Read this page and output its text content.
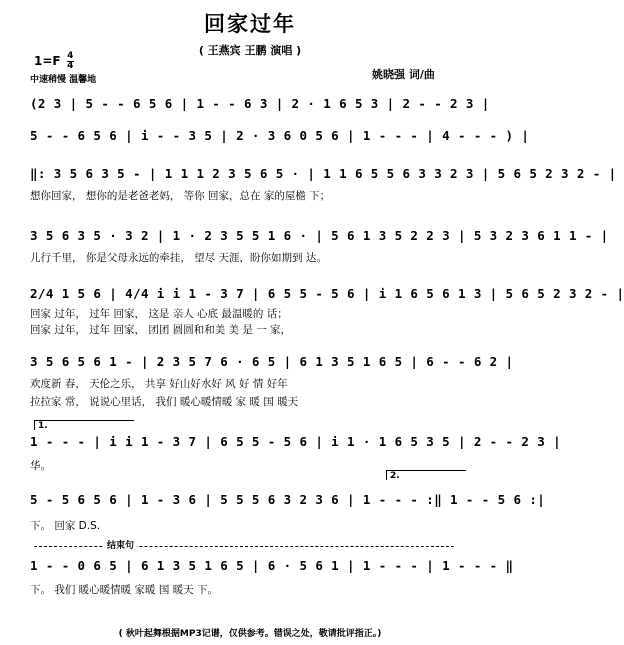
回家过年
( 王燕宾 王鹏 演唱 )
$1=F \frac{4}{4}$
中速稍慢 温馨地	姚晓强 词/曲
(2 3 | 5 - - 6 5 6 | 1 - - 6 3 | 2 · 1 6 5 3 | 2 - - 2 3 |
5 - - 6 5 6 | i - - 3 5 | 2 · 3 6 0 5 6 | 1 - - - | 4 - - - ) |
‖: 3 5 6 3 5 - | 1 1 1 2 3 5 6 5 · | 1 1 6 5 5 6 3 3 2 3 | 5 6 5 2 3 2 - |
想你回家， 想你的是老爸老妈， 等你 回家，总在 家的屋檐 下；
3 5 6 3 5 · 3 2 | 1 · 2 3 5 5 1 6 · | 5 6 1 3 5 2 2 3 | 5 3 2 3 6 1 1 - |
儿行千里， 你是父母永远的牵挂， 望尽 天涯，盼你如期到 达。
2/4 1 5 6 | 4/4 i i 1 - 3 7 | 6 5 5 - 5 6 | i 1 6 5 6 1 3 | 5 6 5 2 3 2 - |
回家 过年， 过年 回家， 这是 亲人 心底 最温暖的 话；
回家 过年， 过年 回家， 团团 圆圆和和美 美 是 一 家，
3 5 6 5 6 1 - | 2 3 5 7 6 · 6 5 | 6 1 3 5 1 6 5 | 6 - - 6 2 |
欢度新 春， 天伦之乐， 共享 好山好水好 风 好 情 好年
拉拉家 常， 说说心里话， 我们 暖心暖情暖 家 暖 国 暖天
1.
1 - - - | i i 1 - 3 7 | 6 5 5 - 5 6 | i 1 · 1 6 5 3 5 | 2 - - 2 3 |
华。
2.
5 - 5 6 5 6 | 1 - 3 6 | 5 5 5 6 3 2 3 6 | 1 - - - :‖ 1 - - 5 6 :|
下。 回家 D.S.
结束句
1 - - 0 6 5 | 6 1 3 5 1 6 5 | 6 · 5 6 1 | 1 - - - | 1 - - - ‖
下。 我们 暖心暖情暖 家暖 国 暖天 下。
( 秋叶起舞根据MP3记谱，仅供参考。错误之处，敬请批评指正。)
